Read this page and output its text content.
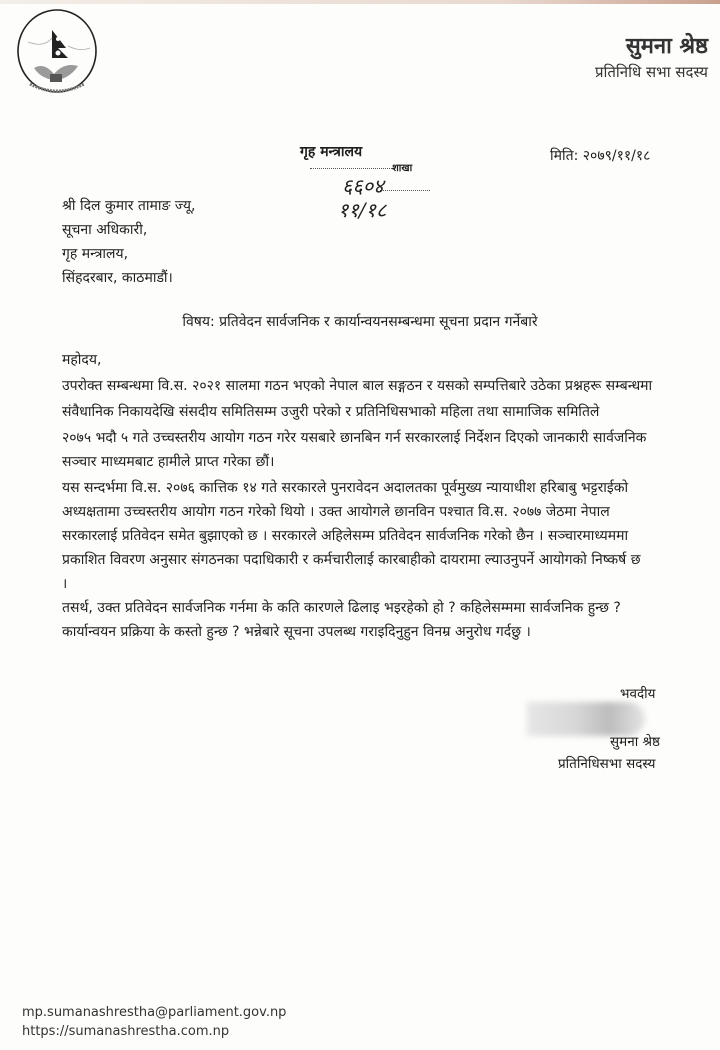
सुमना श्रेष्ठ
प्रतिनिधि सभा सदस्य
गृह मन्त्रालय
शाखा
६६०४
११/१८
मिति: २०७९/११/१८
श्री दिल कुमार तामाङ ज्यू,
सूचना अधिकारी,
गृह मन्त्रालय,
सिंहदरबार, काठमाडौं।
विषय: प्रतिवेदन सार्वजनिक र कार्यान्वयनसम्बन्धमा सूचना प्रदान गर्नेबारे
महोदय,
उपरोक्त सम्बन्धमा वि.स. २०२१ सालमा गठन भएको नेपाल बाल सङ्गठन र यसको सम्पत्तिबारे उठेका प्रश्नहरू सम्बन्धमा
संवैधानिक निकायदेखि संसदीय समितिसम्म उजुरी परेको र प्रतिनिधिसभाको महिला तथा सामाजिक समितिले
२०७५ भदौ ५ गते उच्चस्तरीय आयोग गठन गरेर यसबारे छानबिन गर्न सरकारलाई निर्देशन दिएको जानकारी सार्वजनिक
सञ्चार माध्यमबाट हामीले प्राप्त गरेका छौं।
यस सन्दर्भमा वि.स. २०७६ कात्तिक १४ गते सरकारले पुनरावेदन अदालतका पूर्वमुख्य न्यायाधीश हरिबाबु भट्टराईको
अध्यक्षतामा उच्चस्तरीय आयोग गठन गरेको थियो । उक्त आयोगले छानविन पश्चात वि.स. २०७७ जेठमा नेपाल
सरकारलाई प्रतिवेदन समेत बुझाएको छ । सरकारले अहिलेसम्म प्रतिवेदन सार्वजनिक गरेको छैन । सञ्चारमाध्यममा
प्रकाशित विवरण अनुसार संगठनका पदाधिकारी र कर्मचारीलाई कारबाहीको दायरामा ल्याउनुपर्ने आयोगको निष्कर्ष छ
।
तसर्थ, उक्त प्रतिवेदन सार्वजनिक गर्नमा के कति कारणले ढिलाइ भइरहेको हो ? कहिलेसम्ममा सार्वजनिक हुन्छ ?
कार्यान्वयन प्रक्रिया के कस्तो हुन्छ ? भन्नेबारे सूचना उपलब्ध गराइदिनुहुन विनम्र अनुरोध गर्दछु ।
भवदीय
सुमना श्रेष्ठ
प्रतिनिधिसभा सदस्य
mp.sumanashrestha@parliament.gov.np
https://sumanashrestha.com.np
